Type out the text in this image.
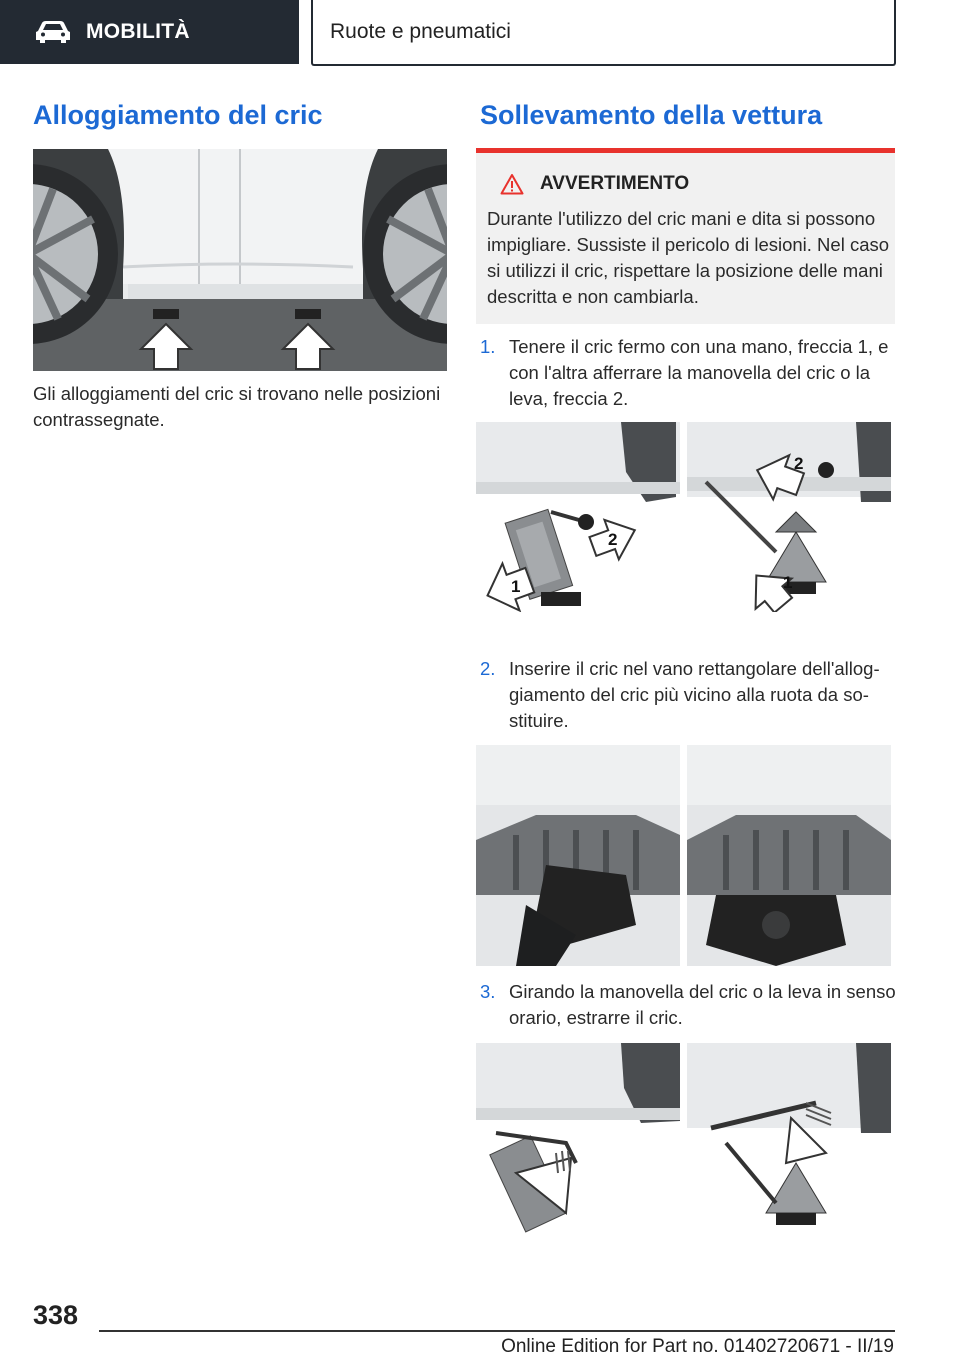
MOBILITÀ	Ruote e pneumatici
Alloggiamento del cric
Gli alloggiamenti del cric si trovano nelle posizioni contrassegnate.
Sollevamento della vettura
AVVERTIMENTO
Durante l'utilizzo del cric mani e dita si possono impigliare. Sussiste il pericolo di lesioni. Nel caso si utilizzi il cric, rispettare la posizione delle mani descritta e non cambiarla.
1. Tenere il cric fermo con una mano, freccia 1, e con l'altra afferrare la manovella del cric o la leva, freccia 2.
1
2
2
1
2. Inserire il cric nel vano rettangolare dell'allog- giamento del cric più vicino alla ruota da so- stituire.
3. Girando la manovella del cric o la leva in senso orario, estrarre il cric.
338
Online Edition for Part no. 01402720671 - II/19
